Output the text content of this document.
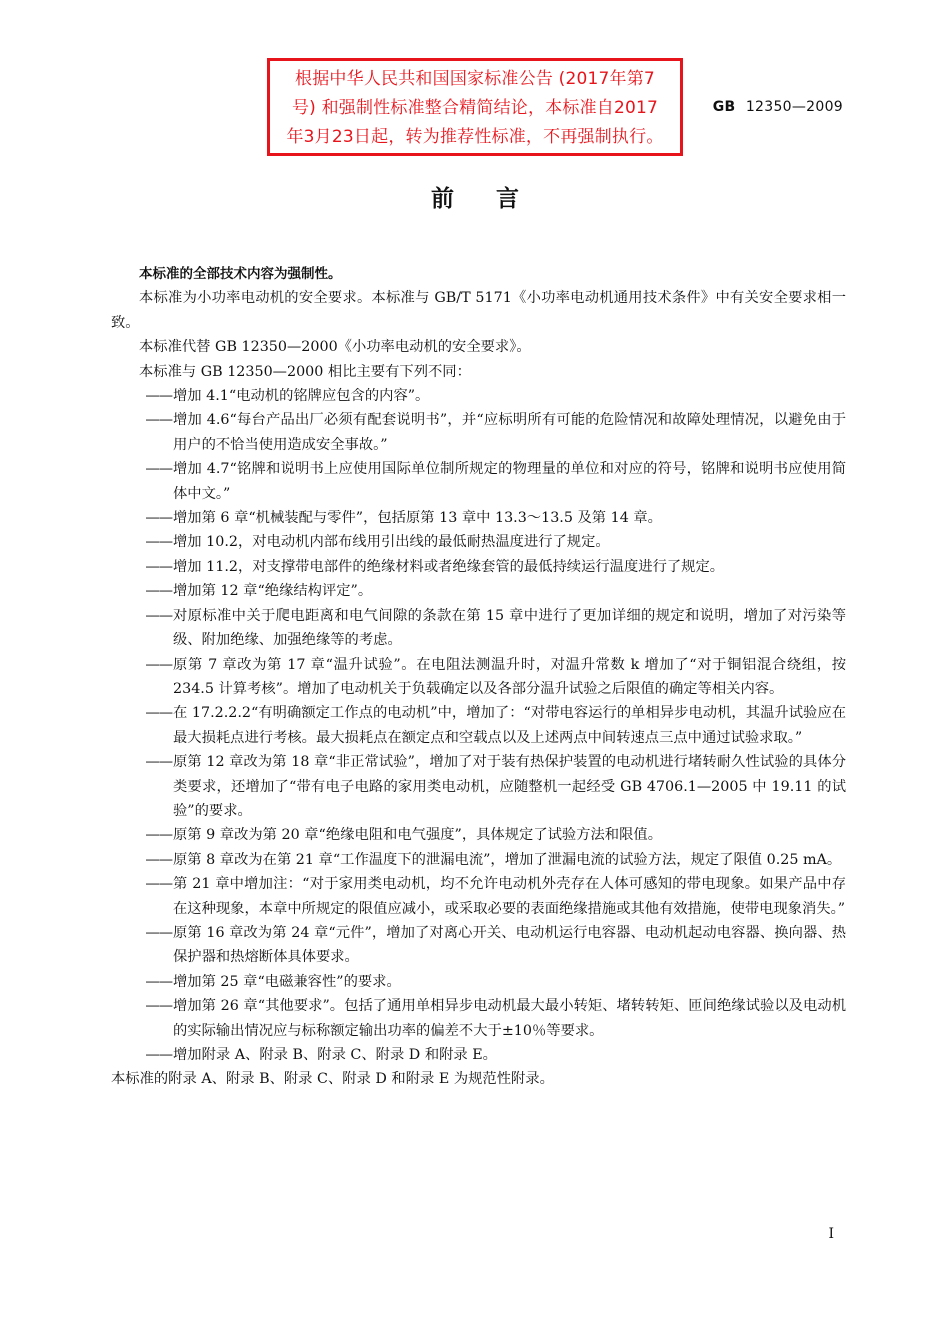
根据中华人民共和国国家标准公告 (2017年第7
号) 和强制性标准整合精简结论，本标准自2017
年3月23日起，转为推荐性标准，不再强制执行。
GB 12350—2009
前言

本标准的全部技术内容为强制性。

本标准为小功率电动机的安全要求。本标准与 GB/T 5171《小功率电动机通用技术条件》中有关安全要求相一致。

本标准代替 GB 12350—2000《小功率电动机的安全要求》。

本标准与 GB 12350—2000 相比主要有下列不同：

—— 增加 4.1“电动机的铭牌应包含的内容”。
—— 增加 4.6“每台产品出厂必须有配套说明书”，并“应标明所有可能的危险情况和故障处理情况，以避免由于用户的不恰当使用造成安全事故。”
—— 增加 4.7“铭牌和说明书上应使用国际单位制所规定的物理量的单位和对应的符号，铭牌和说明书应使用简体中文。”
—— 增加第 6 章“机械装配与零件”，包括原第 13 章中 13.3～13.5 及第 14 章。
—— 增加 10.2，对电动机内部布线用引出线的最低耐热温度进行了规定。
—— 增加 11.2，对支撑带电部件的绝缘材料或者绝缘套管的最低持续运行温度进行了规定。
—— 增加第 12 章“绝缘结构评定”。
—— 对原标准中关于爬电距离和电气间隙的条款在第 15 章中进行了更加详细的规定和说明，增加了对污染等级、附加绝缘、加强绝缘等的考虑。
—— 原第 7 章改为第 17 章“温升试验”。在电阻法测温升时，对温升常数 k 增加了“对于铜铝混合绕组，按 234.5 计算考核”。增加了电动机关于负载确定以及各部分温升试验之后限值的确定等相关内容。
—— 在 17.2.2.2“有明确额定工作点的电动机”中，增加了：“对带电容运行的单相异步电动机，其温升试验应在最大损耗点进行考核。最大损耗点在额定点和空载点以及上述两点中间转速点三点中通过试验求取。”
—— 原第 12 章改为第 18 章“非正常试验”，增加了对于装有热保护装置的电动机进行堵转耐久性试验的具体分类要求，还增加了“带有电子电路的家用类电动机，应随整机一起经受 GB 4706.1—2005 中 19.11 的试验”的要求。
—— 原第 9 章改为第 20 章“绝缘电阻和电气强度”，具体规定了试验方法和限值。
—— 原第 8 章改为在第 21 章“工作温度下的泄漏电流”，增加了泄漏电流的试验方法，规定了限值 0.25 mA。
—— 第 21 章中增加注：“对于家用类电动机，均不允许电动机外壳存在人体可感知的带电现象。如果产品中存在这种现象，本章中所规定的限值应减小，或采取必要的表面绝缘措施或其他有效措施，使带电现象消失。”
—— 原第 16 章改为第 24 章“元件”，增加了对离心开关、电动机运行电容器、电动机起动电容器、换向器、热保护器和热熔断体具体要求。
—— 增加第 25 章“电磁兼容性”的要求。
—— 增加第 26 章“其他要求”。包括了通用单相异步电动机最大最小转矩、堵转转矩、匝间绝缘试验以及电动机的实际输出情况应与标称额定输出功率的偏差不大于±10％等要求。
—— 增加附录 A、附录 B、附录 C、附录 D 和附录 E。

本标准的附录 A、附录 B、附录 C、附录 D 和附录 E 为规范性附录。

I
